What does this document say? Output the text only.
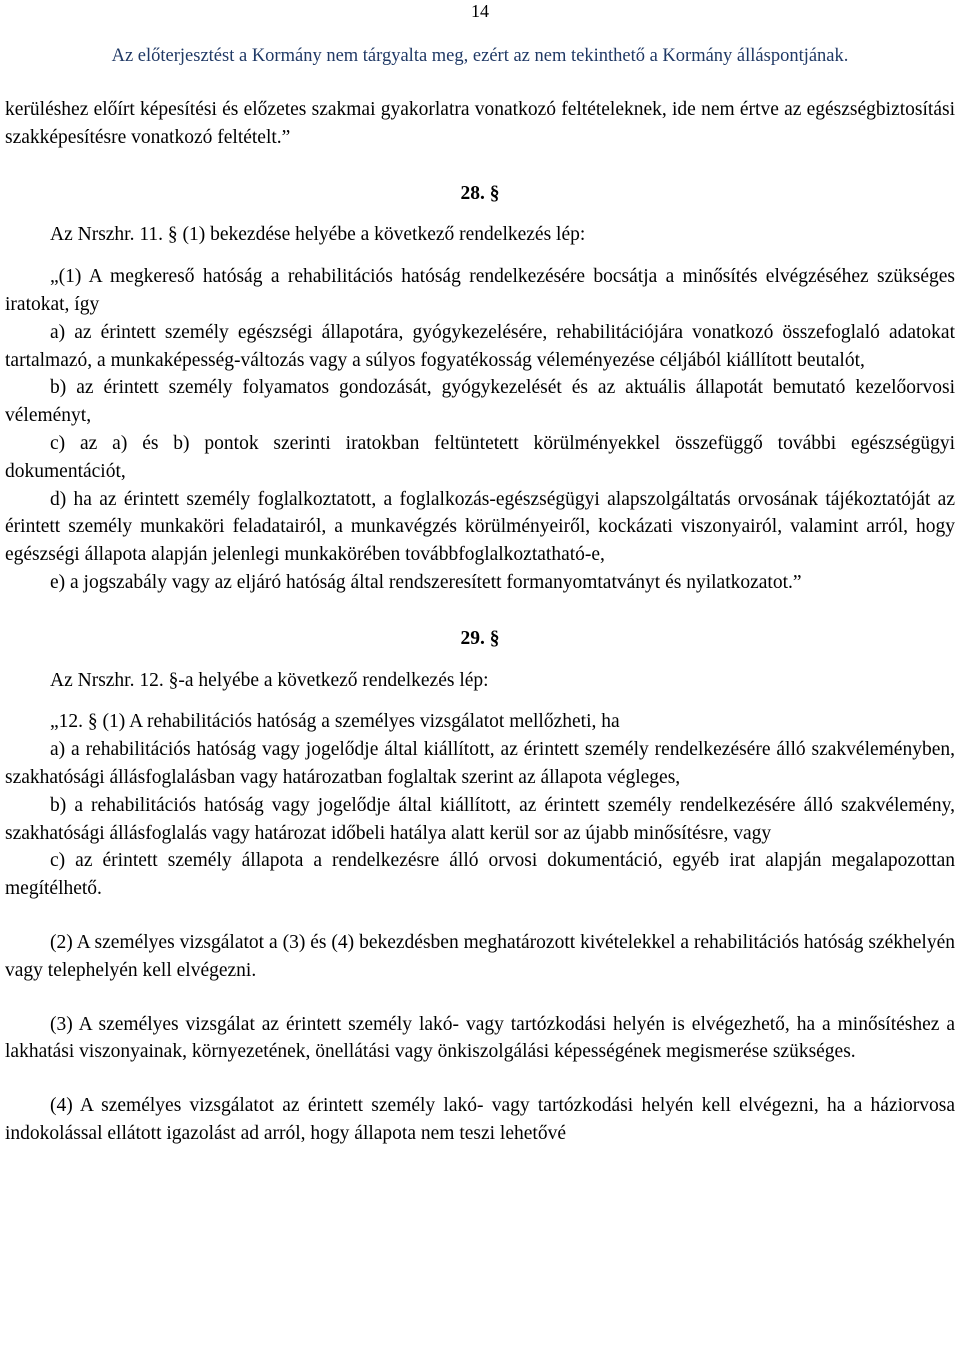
14
Az előterjesztést a Kormány nem tárgyalta meg, ezért az nem tekinthető a Kormány álláspontjának.

kerüléshez előírt képesítési és előzetes szakmai gyakorlatra vonatkozó feltételeknek, ide nem értve az egészségbiztosítási szakképesítésre vonatkozó feltételt.”

28. §

Az Nrszhr. 11. § (1) bekezdése helyébe a következő rendelkezés lép:

„(1) A megkereső hatóság a rehabilitációs hatóság rendelkezésére bocsátja a minősítés elvégzéséhez szükséges iratokat, így

a) az érintett személy egészségi állapotára, gyógykezelésére, rehabilitációjára vonatkozó összefoglaló adatokat tartalmazó, a munkaképesség-változás vagy a súlyos fogyatékosság véleményezése céljából kiállított beutalót,

b) az érintett személy folyamatos gondozását, gyógykezelését és az aktuális állapotát bemutató kezelőorvosi véleményt,

c) az a) és b) pontok szerinti iratokban feltüntetett körülményekkel összefüggő további egészségügyi dokumentációt,

d) ha az érintett személy foglalkoztatott, a foglalkozás-egészségügyi alapszolgáltatás orvosának tájékoztatóját az érintett személy munkaköri feladatairól, a munkavégzés körülményeiről, kockázati viszonyairól, valamint arról, hogy egészségi állapota alapján jelenlegi munkakörében továbbfoglalkoztatható-e,

e) a jogszabály vagy az eljáró hatóság által rendszeresített formanyomtatványt és nyilatkozatot.”

29. §

Az Nrszhr. 12. §-a helyébe a következő rendelkezés lép:

„12. § (1) A rehabilitációs hatóság a személyes vizsgálatot mellőzheti, ha

a) a rehabilitációs hatóság vagy jogelődje által kiállított, az érintett személy rendelkezésére álló szakvéleményben, szakhatósági állásfoglalásban vagy határozatban foglaltak szerint az állapota végleges,

b) a rehabilitációs hatóság vagy jogelődje által kiállított, az érintett személy rendelkezésére álló szakvélemény, szakhatósági állásfoglalás vagy határozat időbeli hatálya alatt kerül sor az újabb minősítésre, vagy

c) az érintett személy állapota a rendelkezésre álló orvosi dokumentáció, egyéb irat alapján megalapozottan megítélhető.

(2) A személyes vizsgálatot a (3) és (4) bekezdésben meghatározott kivételekkel a rehabilitációs hatóság székhelyén vagy telephelyén kell elvégezni.

(3) A személyes vizsgálat az érintett személy lakó- vagy tartózkodási helyén is elvégezhető, ha a minősítéshez a lakhatási viszonyainak, környezetének, önellátási vagy önkiszolgálási képességének megismerése szükséges.

(4) A személyes vizsgálatot az érintett személy lakó- vagy tartózkodási helyén kell elvégezni, ha a háziorvosa indokolással ellátott igazolást ad arról, hogy állapota nem teszi lehetővé
